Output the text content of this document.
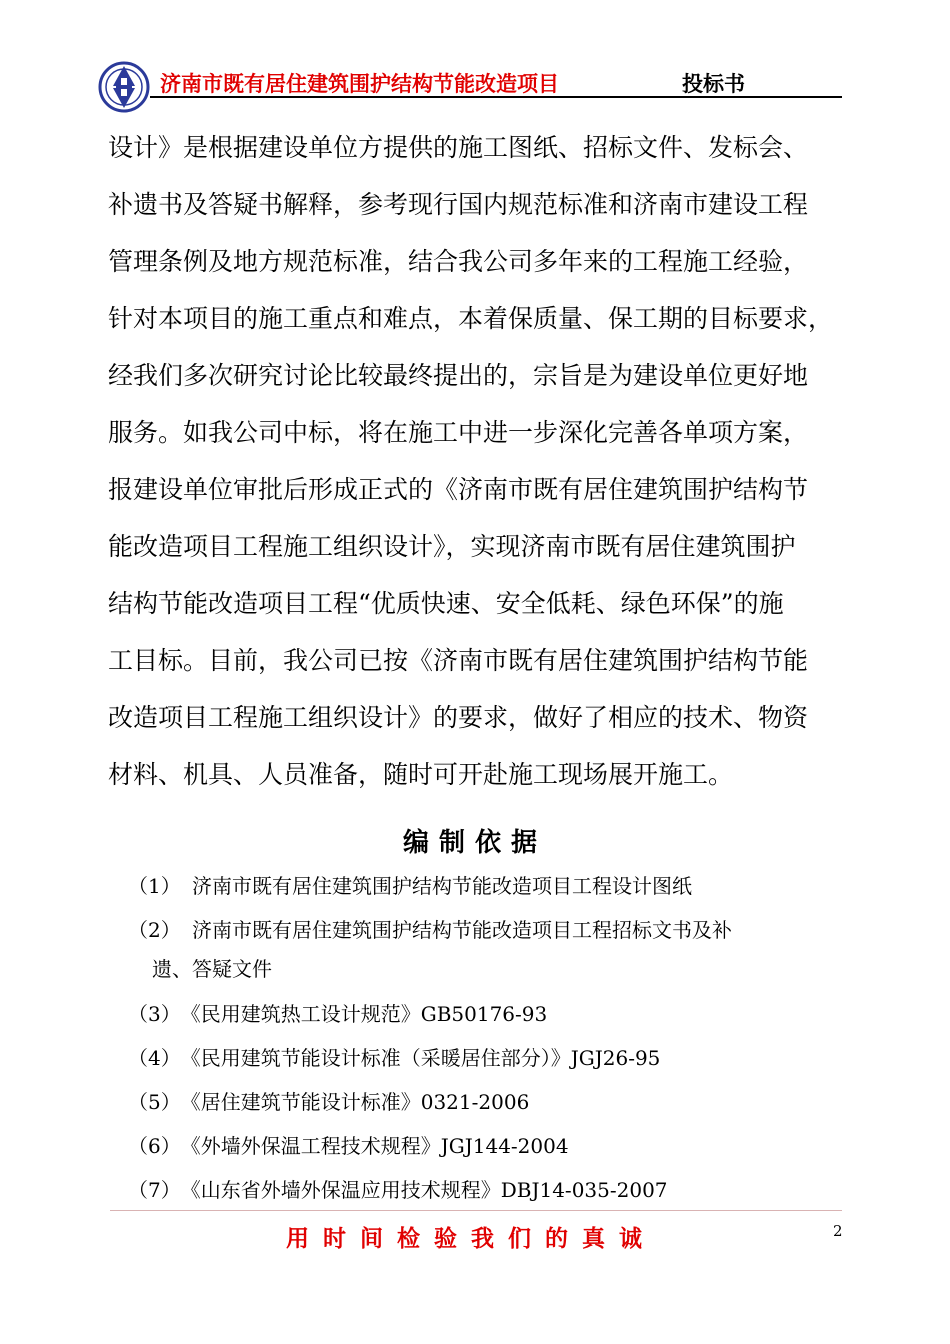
济南市既有居住建筑围护结构节能改造项目	投标书
设计》是根据建设单位方提供的施工图纸、招标文件、发标会、
补遗书及答疑书解释，参考现行国内规范标准和济南市建设工程
管理条例及地方规范标准，结合我公司多年来的工程施工经验，
针对本项目的施工重点和难点，本着保质量、保工期的目标要求，
经我们多次研究讨论比较最终提出的，宗旨是为建设单位更好地
服务。如我公司中标，将在施工中进一步深化完善各单项方案，
报建设单位审批后形成正式的《济南市既有居住建筑围护结构节
能改造项目工程施工组织设计》，实现济南市既有居住建筑围护
结构节能改造项目工程“优质快速、安全低耗、绿色环保”的施
工目标。目前，我公司已按《济南市既有居住建筑围护结构节能
改造项目工程施工组织设计》的要求，做好了相应的技术、物资
材料、机具、人员准备，随时可开赴施工现场展开施工。
编制依据
（1） 济南市既有居住建筑围护结构节能改造项目工程设计图纸
（2） 济南市既有居住建筑围护结构节能改造项目工程招标文书及补
遗、答疑文件
（3）《民用建筑热工设计规范》GB50176-93
（4）《民用建筑节能设计标准（采暖居住部分）》JGJ26-95
（5）《居住建筑节能设计标准》0321-2006
（6）《外墙外保温工程技术规程》JGJ144-2004
（7）《山东省外墙外保温应用技术规程》DBJ14-035-2007
用时间检验我们的真诚	2
